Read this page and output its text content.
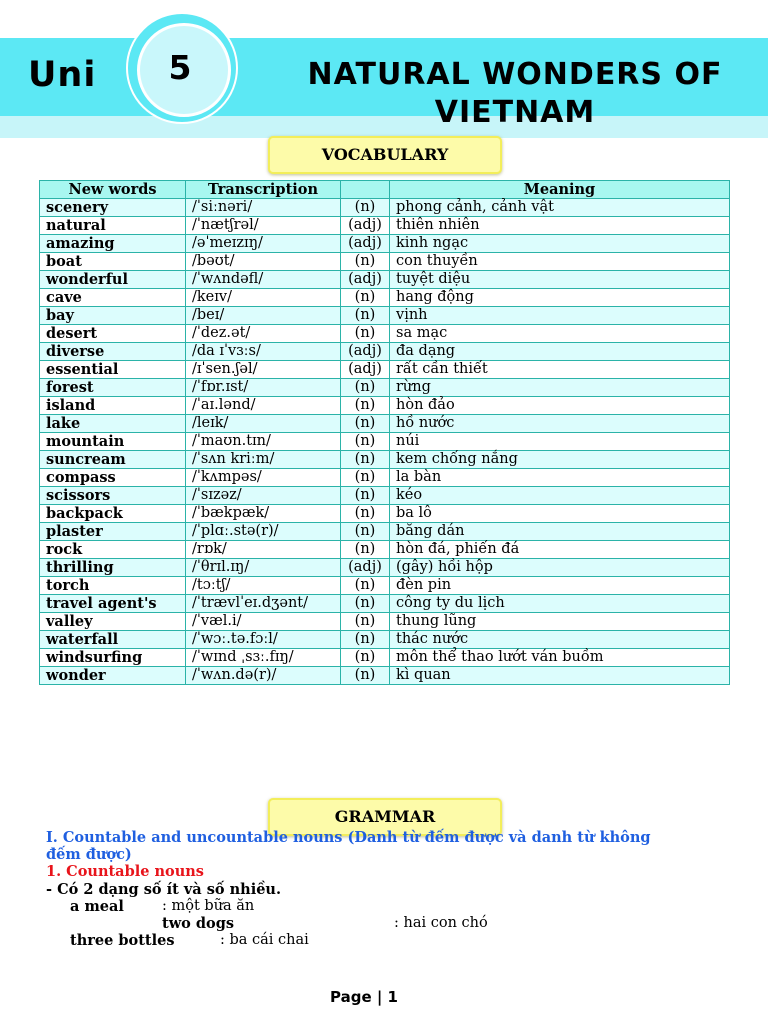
Uni 5	NATURAL WONDERS OF VIETNAM
VOCABULARY
New words	Transcription		Meaning
scenery	/ˈsiːnəri/	(n)	phong cảnh, cảnh vật
natural	/ˈnætʃrəl/	(adj)	thiên nhiên
amazing	/əˈmeɪzɪŋ/	(adj)	kinh ngạc
boat	/bəʊt/	(n)	con thuyền
wonderful	/ˈwʌndəfl/	(adj)	tuyệt diệu
cave	/keɪv/	(n)	hang động
bay	/beɪ/	(n)	vịnh
desert	/ˈdez.ət/	(n)	sa mạc
diverse	/da ɪˈvɜːs/	(adj)	đa dạng
essential	/ɪˈsen.ʃəl/	(adj)	rất cần thiết
forest	/ˈfɒr.ɪst/	(n)	rừng
island	/ˈaɪ.lənd/	(n)	hòn đảo
lake	/leɪk/	(n)	hồ nước
mountain	/ˈmaʊn.tɪn/	(n)	núi
suncream	/ˈsʌn kriːm/	(n)	kem chống nắng
compass	/ˈkʌmpəs/	(n)	la bàn
scissors	/ˈsɪzəz/	(n)	kéo
backpack	/ˈbækpæk/	(n)	ba lô
plaster	/ˈplɑː.stə(r)/	(n)	băng dán
rock	/rɒk/	(n)	hòn đá, phiến đá
thrilling	/ˈθrɪl.ɪŋ/	(adj)	(gây) hồi hộp
torch	/tɔːtʃ/	(n)	đèn pin
travel agent's	/ˈtrævlˈeɪ.dʒənt/	(n)	công ty du lịch
valley	/ˈvæl.i/	(n)	thung lũng
waterfall	/ˈwɔː.tə.fɔːl/	(n)	thác nước
windsurfing	/ˈwɪnd ˌsɜː.fɪŋ/	(n)	môn thể thao lướt ván buồm
wonder	/ˈwʌn.də(r)/	(n)	kì quan
GRAMMAR
I. Countable and uncountable nouns (Danh từ đếm được và danh từ không
đếm được)
1. Countable nouns
- Có 2 dạng số ít và số nhiều.
a meal	: một bữa ăn
two dogs	: hai con chó
three bottles	: ba cái chai
Page | 1
